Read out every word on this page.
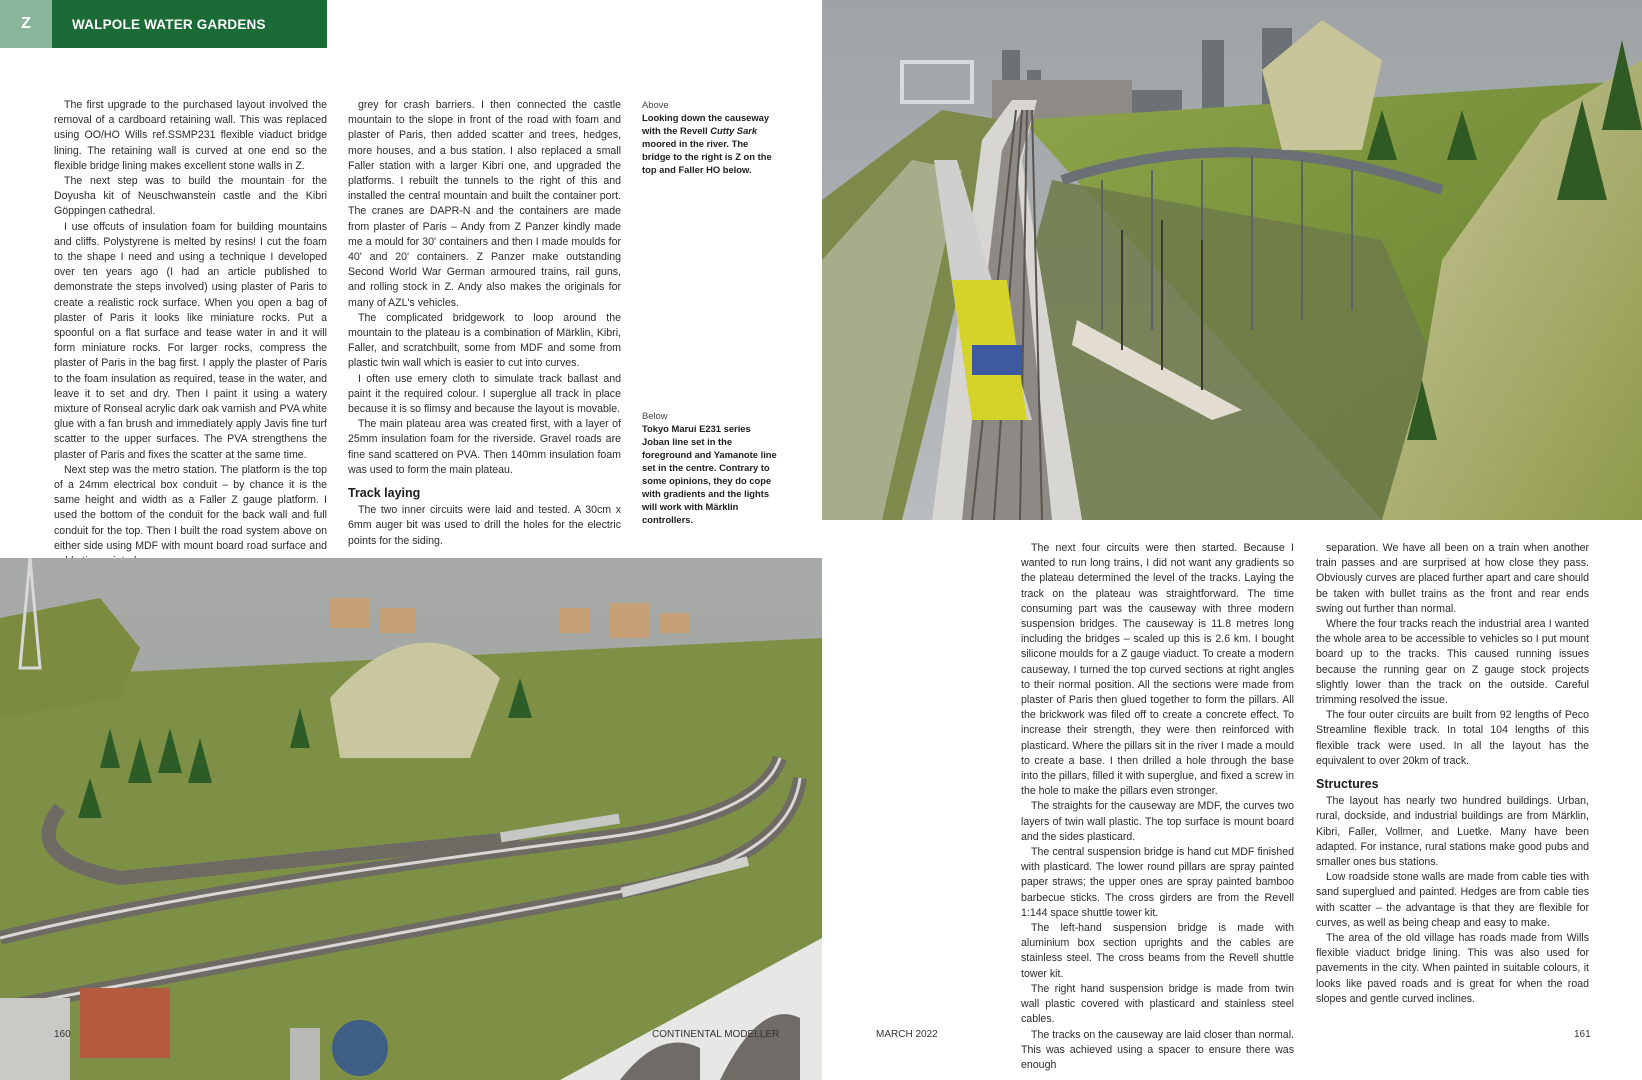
Z	WALPOLE WATER GARDENS

The first upgrade to the purchased layout involved the removal of a cardboard retaining wall. This was replaced using OO/HO Wills ref.SSMP231 flexible viaduct bridge lining. The retaining wall is curved at one end so the flexible bridge lining makes excellent stone walls in Z.

The next step was to build the mountain for the Doyusha kit of Neuschwanstein castle and the Kibri Göppingen cathedral.

I use offcuts of insulation foam for building mountains and cliffs. Polystyrene is melted by resins! I cut the foam to the shape I need and using a technique I developed over ten years ago (I had an article published to demonstrate the steps involved) using plaster of Paris to create a realistic rock surface. When you open a bag of plaster of Paris it looks like miniature rocks. Put a spoonful on a flat surface and tease water in and it will form miniature rocks. For larger rocks, compress the plaster of Paris in the bag first. I apply the plaster of Paris to the foam insulation as required, tease in the water, and leave it to set and dry. Then I paint it using a watery mixture of Ronseal acrylic dark oak varnish and PVA white glue with a fan brush and immediately apply Javis fine turf scatter to the upper surfaces. The PVA strengthens the plaster of Paris and fixes the scatter at the same time.

Next step was the metro station. The platform is the top of a 24mm electrical box conduit – by chance it is the same height and width as a Faller Z gauge platform. I used the bottom of the conduit for the back wall and full conduit for the top. Then I built the road system above on either side using MDF with mount board road surface and

grey for crash barriers. I then connected the castle mountain to the slope in front of the road with foam and plaster of Paris, then added scatter and trees, hedges, more houses, and a bus station. I also replaced a small Faller station with a larger Kibri one, and upgraded the platforms. I rebuilt the tunnels to the right of this and installed the central mountain and built the container port. The cranes are DAPR-N and the containers are made from plaster of Paris – Andy from Z Panzer kindly made me a mould for 30' containers and then I made moulds for 40' and 20' containers. Z Panzer make outstanding Second World War German armoured trains, rail guns, and rolling stock in Z. Andy also makes the originals for many of AZL's vehicles.

The complicated bridgework to loop around the mountain to the plateau is a combination of Märklin, Kibri, Faller, and scratchbuilt, some from MDF and some from plastic twin wall which is easier to cut into curves.

I often use emery cloth to simulate track ballast and paint it the required colour. I superglue all track in place because it is so flimsy and because the layout is movable.

The main plateau area was created first, with a layer of 25mm insulation foam for the riverside. Gravel roads are fine sand scattered on PVA. Then 140mm insulation foam was used to form the main plateau.

Track laying

The two inner circuits were laid and tested. A 30cm x 6mm auger bit was used to drill the holes for the electric points for the siding.

Above
Looking down the causeway with the Revell Cutty Sark moored in the river. The bridge to the right is Z on the top and Faller HO below.
Below
Tokyo Marui E231 series Joban line set in the foreground and Yamanote line set in the centre. Contrary to some opinions, they do cope with gradients and the lights will work with Märklin controllers.

The next four circuits were then started. Because I wanted to run long trains, I did not want any gradients so the plateau determined the level of the tracks. Laying the track on the plateau was straightforward. The time consuming part was the causeway with three modern suspension bridges. The causeway is 11.8 metres long including the bridges – scaled up this is 2.6 km. I bought silicone moulds for a Z gauge viaduct. To create a modern causeway, I turned the top curved sections at right angles to their normal position. All the sections were made from plaster of Paris then glued together to form the pillars. All the brickwork was filed off to create a concrete effect. To increase their strength, they were then reinforced with plasticard. Where the pillars sit in the river I made a mould to create a base. I then drilled a hole through the base into the pillars, filled it with superglue, and fixed a screw in the hole to make the pillars even stronger.

The straights for the causeway are MDF, the curves two layers of twin wall plastic. The top surface is mount board and the sides plasticard.

The central suspension bridge is hand cut MDF finished with plasticard. The lower round pillars are spray painted paper straws; the upper ones are spray painted bamboo barbecue sticks. The cross girders are from the Revell 1:144 space shuttle tower kit.

The left-hand suspension bridge is made with aluminium box section uprights and the cables are stainless steel. The cross beams from the Revell shuttle tower kit.

The right hand suspension bridge is made from twin wall plastic covered with plasticard and stainless steel cables.

The tracks on the causeway are laid closer than normal. This was achieved using a spacer to ensure there was enough

separation. We have all been on a train when another train passes and are surprised at how close they pass. Obviously curves are placed further apart and care should be taken with bullet trains as the front and rear ends swing out further than normal.

Where the four tracks reach the industrial area I wanted the whole area to be accessible to vehicles so I put mount board up to the tracks. This caused running issues because the running gear on Z gauge stock projects slightly lower than the track on the outside. Careful trimming resolved the issue.

The four outer circuits are built from 92 lengths of Peco Streamline flexible track. In total 104 lengths of this flexible track were used. In all the layout has the equivalent to over 20km of track.

Structures

The layout has nearly two hundred buildings. Urban, rural, dockside, and industrial buildings are from Märklin, Kibri, Faller, Vollmer, and Luetke. Many have been adapted. For instance, rural stations make good pubs and smaller ones bus stations.

Low roadside stone walls are made from cable ties with sand superglued and painted. Hedges are from cable ties with scatter – the advantage is that they are flexible for curves, as well as being cheap and easy to make.

The area of the old village has roads made from Wills flexible viaduct bridge lining. This was also used for pavements in the city. When painted in suitable colours, it looks like paved roads and is great for when the road slopes and gentle curved inclines.

160	CONTINENTAL MODELLER	MARCH 2022	161
